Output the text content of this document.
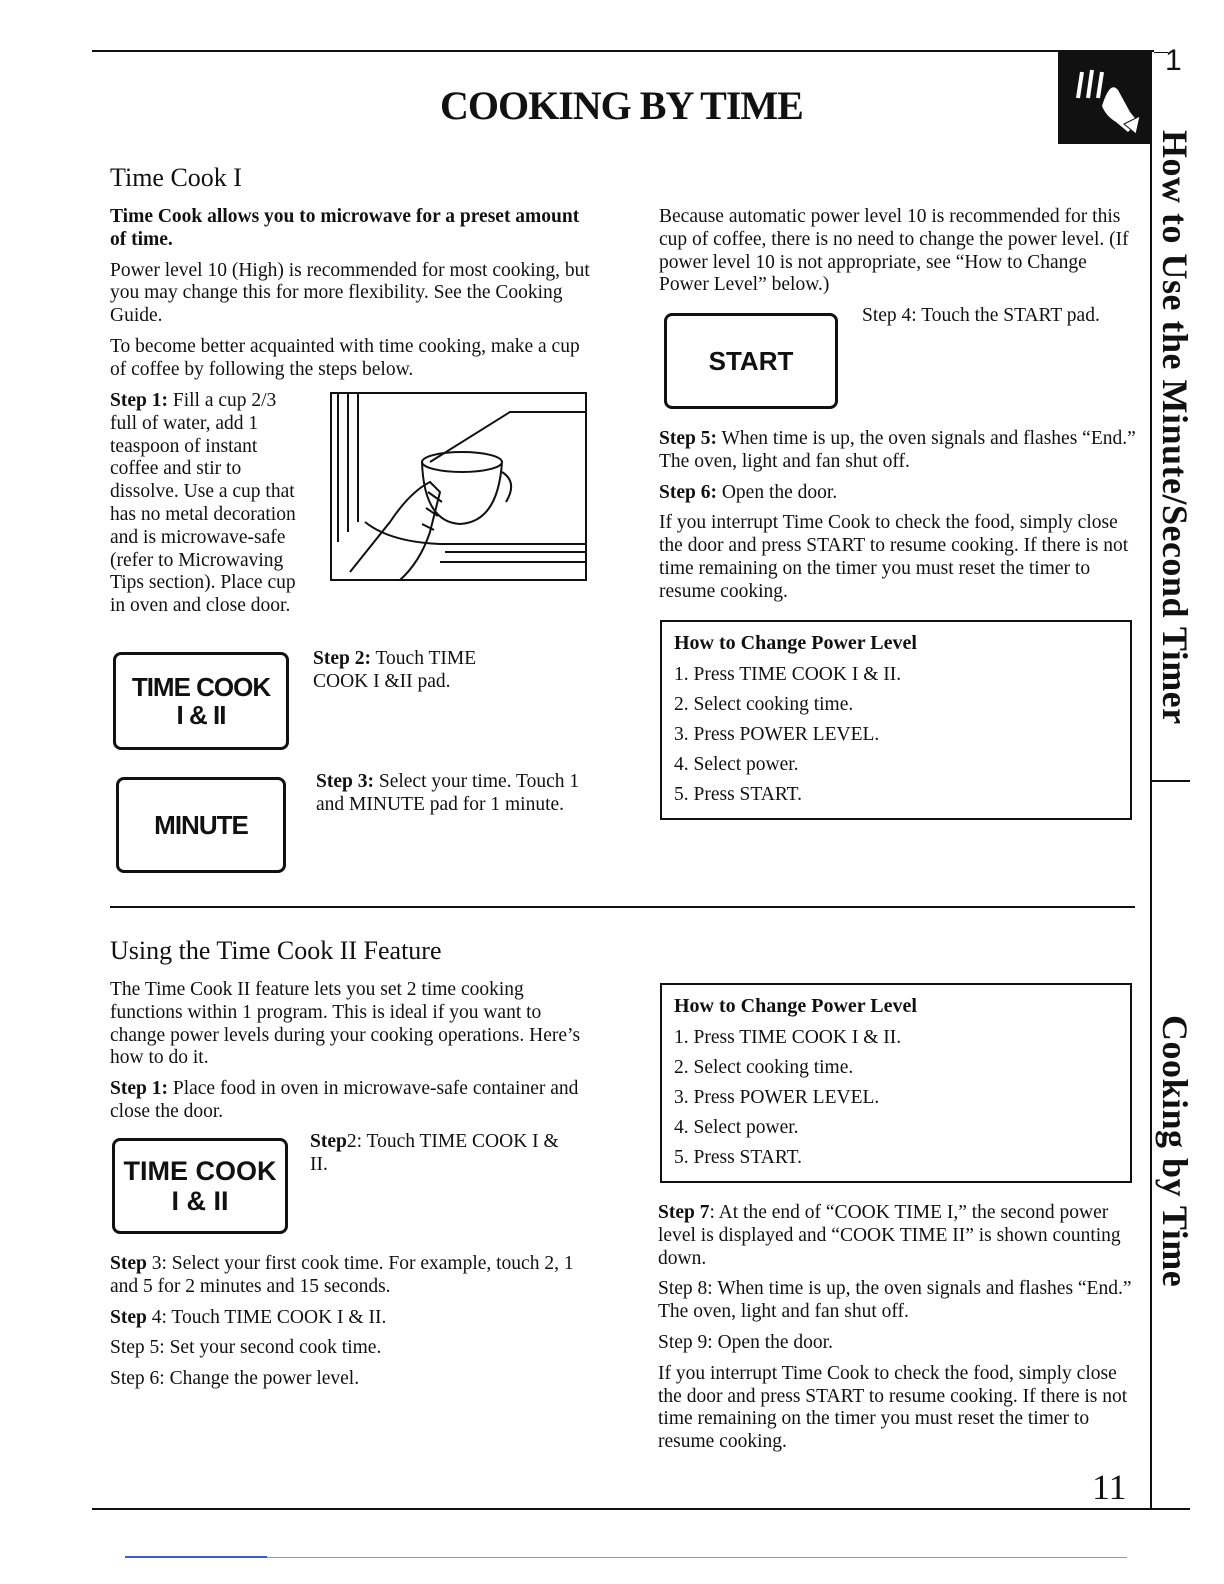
1
COOKING BY TIME
How to Use the Minute/Second Timer
Cooking by Time
Time Cook I

Time Cook allows you to microwave for a preset amount of time.

Power level 10 (High) is recommended for most cooking, but you may change this for more flexibility. See the Cooking Guide.

To become better acquainted with time cooking, make a cup of coffee by following the steps below.

Step 1: Fill a cup 2/3 full of water, add 1 teaspoon of instant coffee and stir to dissolve. Use a cup that has no metal decoration and is microwave-safe (refer to Microwaving Tips section). Place cup in oven and close door.
TIME COOK
I & II
Step 2: Touch TIME COOK I &II pad.
MINUTE
Step 3: Select your time. Touch 1 and MINUTE pad for 1 minute.
Because automatic power level 10 is recommended for this cup of coffee, there is no need to change the power level. (If power level 10 is not appropriate, see “How to Change Power Level” below.)
START
Step 4: Touch the START pad.

Step 5: When time is up, the oven signals and flashes “End.” The oven, light and fan shut off.

Step 6: Open the door.

If you interrupt Time Cook to check the food, simply close the door and press START to resume cooking. If there is not time remaining on the timer you must reset the timer to resume cooking.

How to Change Power Level
1. Press TIME COOK I & II.
2. Select cooking time.
3. Press POWER LEVEL.
4. Select power.
5. Press START.
Using the Time Cook II Feature

The Time Cook II feature lets you set 2 time cooking functions within 1 program. This is ideal if you want to change power levels during your cooking operations. Here’s how to do it.

Step 1: Place food in oven in microwave-safe container and close the door.

TIME COOK
I & II
Step2: Touch TIME COOK I & II.

Step 3: Select your first cook time. For example, touch 2, 1 and 5 for 2 minutes and 15 seconds.

Step 4: Touch TIME COOK I & II.

Step 5: Set your second cook time.

Step 6: Change the power level.

How to Change Power Level
1. Press TIME COOK I & II.
2. Select cooking time.
3. Press POWER LEVEL.
4. Select power.
5. Press START.

Step 7: At the end of “COOK TIME I,” the second power level is displayed and “COOK TIME II” is shown counting down.

Step 8: When time is up, the oven signals and flashes “End.” The oven, light and fan shut off.

Step 9: Open the door.

If you interrupt Time Cook to check the food, simply close the door and press START to resume cooking. If there is not time remaining on the timer you must reset the timer to resume cooking.

11
